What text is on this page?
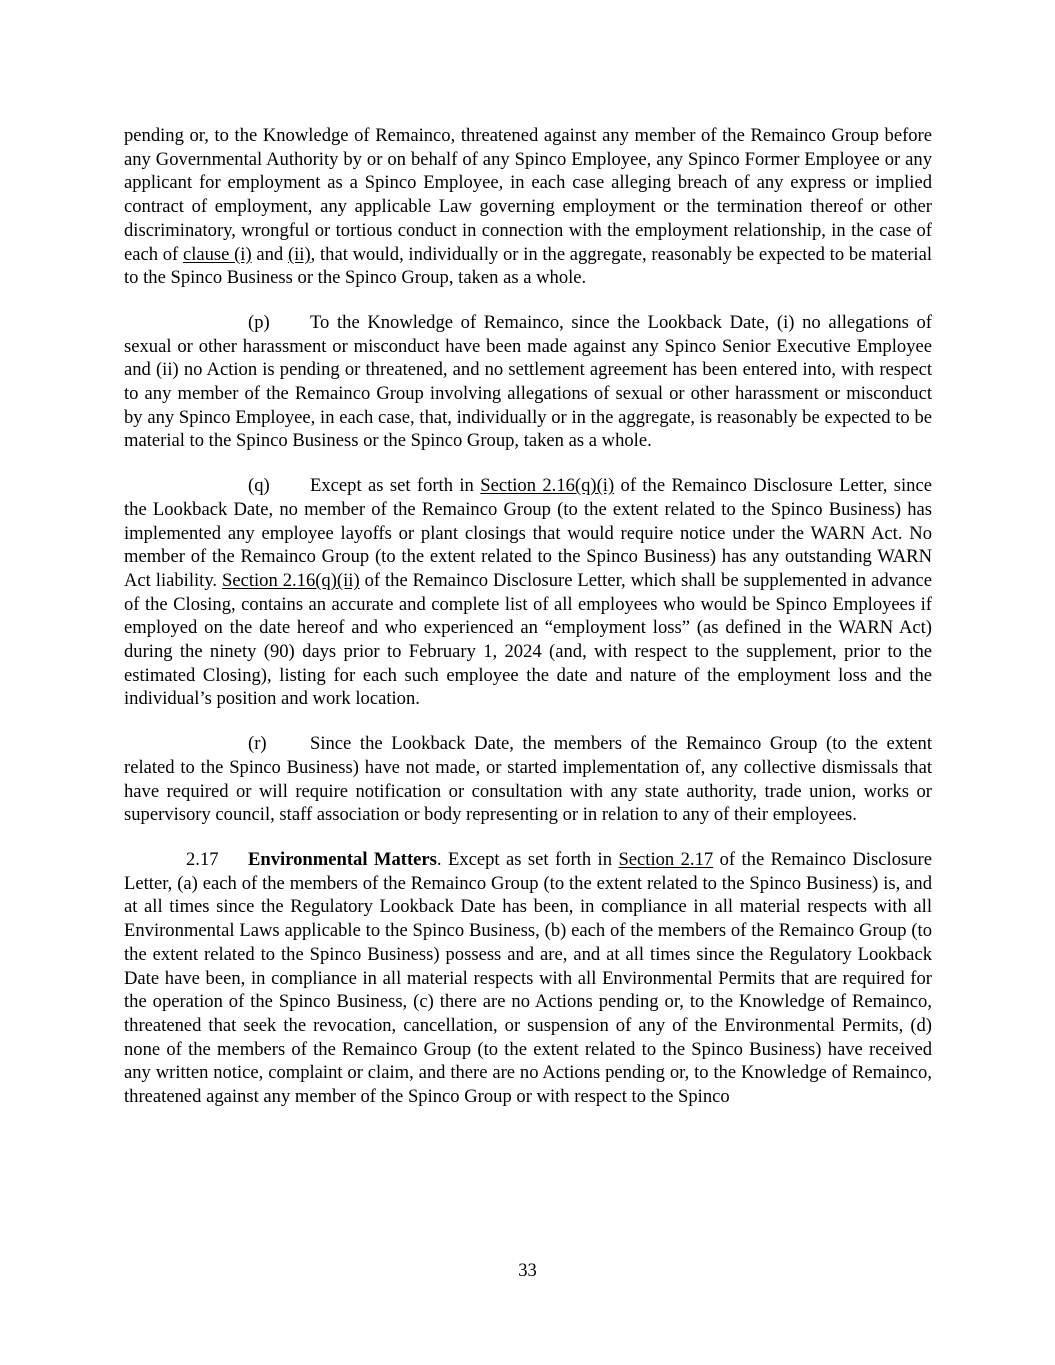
pending or, to the Knowledge of Remainco, threatened against any member of the Remainco Group before any Governmental Authority by or on behalf of any Spinco Employee, any Spinco Former Employee or any applicant for employment as a Spinco Employee, in each case alleging breach of any express or implied contract of employment, any applicable Law governing employment or the termination thereof or other discriminatory, wrongful or tortious conduct in connection with the employment relationship, in the case of each of clause (i) and (ii), that would, individually or in the aggregate, reasonably be expected to be material to the Spinco Business or the Spinco Group, taken as a whole.

(p) To the Knowledge of Remainco, since the Lookback Date, (i) no allegations of sexual or other harassment or misconduct have been made against any Spinco Senior Executive Employee and (ii) no Action is pending or threatened, and no settlement agreement has been entered into, with respect to any member of the Remainco Group involving allegations of sexual or other harassment or misconduct by any Spinco Employee, in each case, that, individually or in the aggregate, is reasonably be expected to be material to the Spinco Business or the Spinco Group, taken as a whole.

(q) Except as set forth in Section 2.16(q)(i) of the Remainco Disclosure Letter, since the Lookback Date, no member of the Remainco Group (to the extent related to the Spinco Business) has implemented any employee layoffs or plant closings that would require notice under the WARN Act. No member of the Remainco Group (to the extent related to the Spinco Business) has any outstanding WARN Act liability. Section 2.16(q)(ii) of the Remainco Disclosure Letter, which shall be supplemented in advance of the Closing, contains an accurate and complete list of all employees who would be Spinco Employees if employed on the date hereof and who experienced an “employment loss” (as defined in the WARN Act) during the ninety (90) days prior to February 1, 2024 (and, with respect to the supplement, prior to the estimated Closing), listing for each such employee the date and nature of the employment loss and the individual’s position and work location.

(r) Since the Lookback Date, the members of the Remainco Group (to the extent related to the Spinco Business) have not made, or started implementation of, any collective dismissals that have required or will require notification or consultation with any state authority, trade union, works or supervisory council, staff association or body representing or in relation to any of their employees.

2.17 Environmental Matters. Except as set forth in Section 2.17 of the Remainco Disclosure Letter, (a) each of the members of the Remainco Group (to the extent related to the Spinco Business) is, and at all times since the Regulatory Lookback Date has been, in compliance in all material respects with all Environmental Laws applicable to the Spinco Business, (b) each of the members of the Remainco Group (to the extent related to the Spinco Business) possess and are, and at all times since the Regulatory Lookback Date have been, in compliance in all material respects with all Environmental Permits that are required for the operation of the Spinco Business, (c) there are no Actions pending or, to the Knowledge of Remainco, threatened that seek the revocation, cancellation, or suspension of any of the Environmental Permits, (d) none of the members of the Remainco Group (to the extent related to the Spinco Business) have received any written notice, complaint or claim, and there are no Actions pending or, to the Knowledge of Remainco, threatened against any member of the Spinco Group or with respect to the Spinco

33
